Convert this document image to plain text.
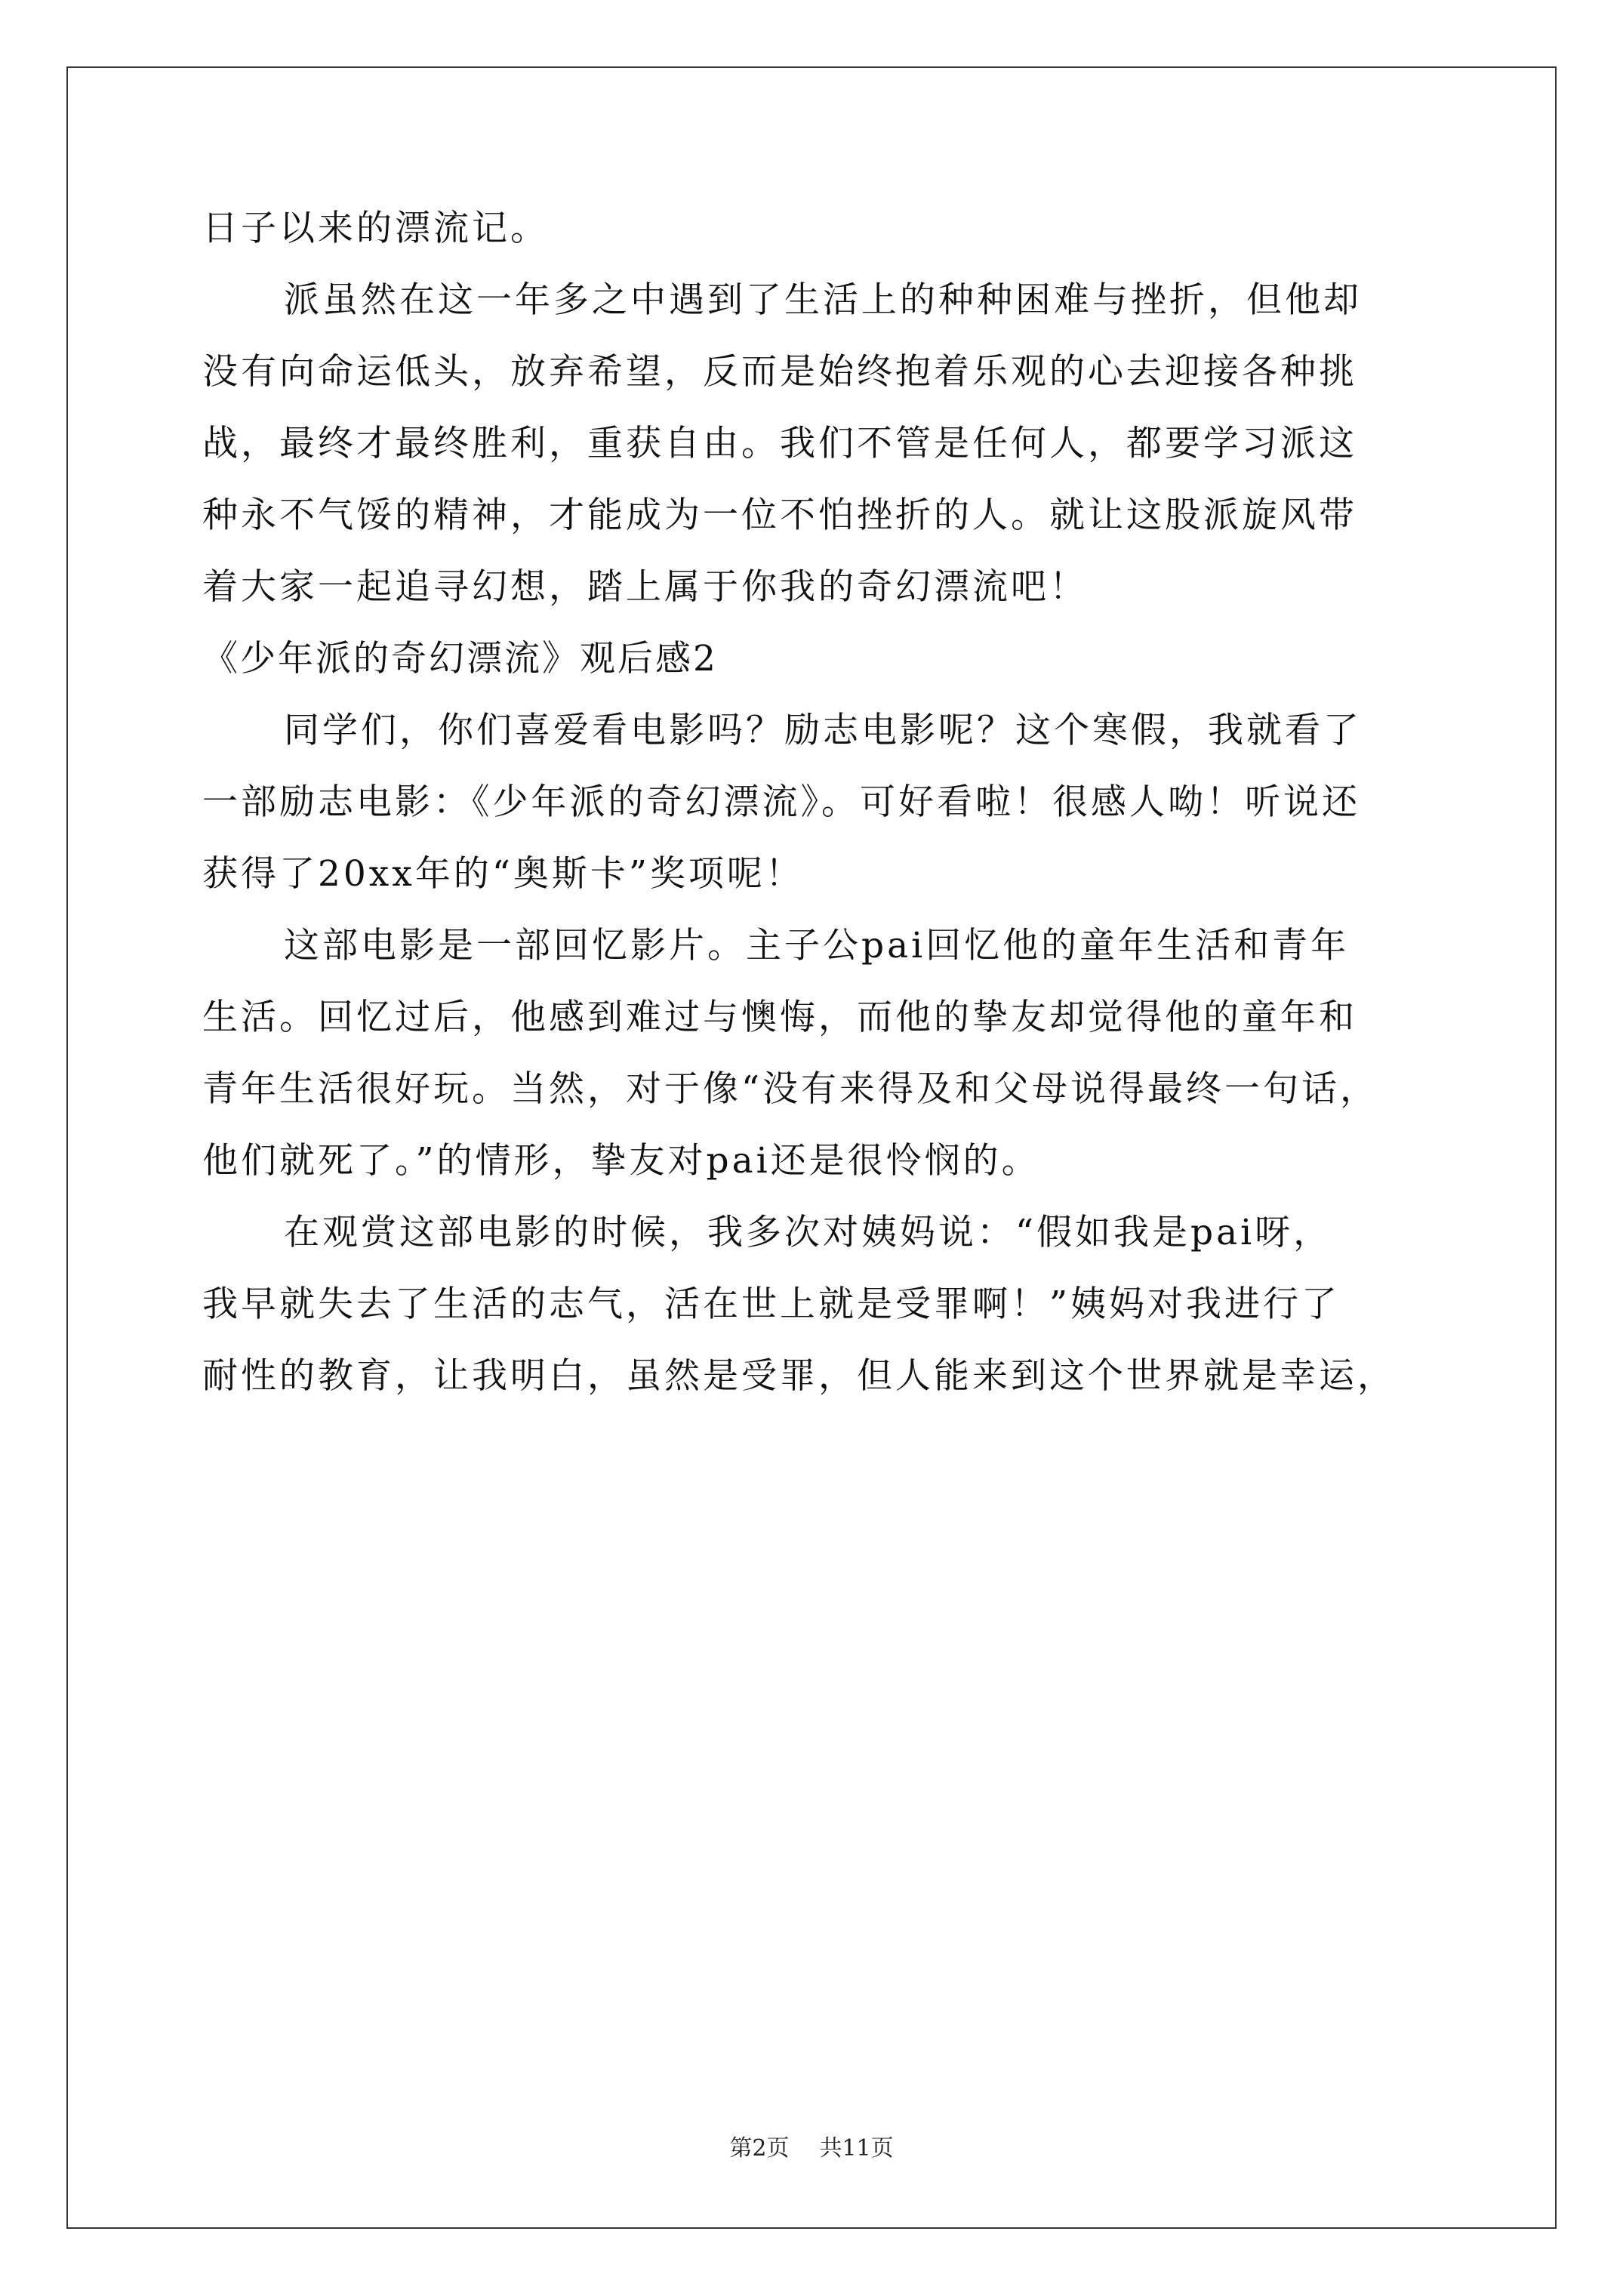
日子以来的漂流记。

派虽然在这一年多之中遇到了生活上的种种困难与挫折，但他却

没有向命运低头，放弃希望，反而是始终抱着乐观的心去迎接各种挑

战，最终才最终胜利，重获自由。我们不管是任何人，都要学习派这

种永不气馁的精神，才能成为一位不怕挫折的人。就让这股派旋风带

着大家一起追寻幻想，踏上属于你我的奇幻漂流吧！

《少年派的奇幻漂流》观后感2

同学们，你们喜爱看电影吗？励志电影呢？这个寒假，我就看了

一部励志电影：《少年派的奇幻漂流》。可好看啦！很感人呦！听说还

获得了20xx年的“奥斯卡”奖项呢！

这部电影是一部回忆影片。主子公pai回忆他的童年生活和青年

生活。回忆过后，他感到难过与懊悔，而他的挚友却觉得他的童年和

青年生活很好玩。当然，对于像“没有来得及和父母说得最终一句话，

他们就死了。”的情形，挚友对pai还是很怜悯的。

在观赏这部电影的时候，我多次对姨妈说：“假如我是pai呀，

我早就失去了生活的志气，活在世上就是受罪啊！”姨妈对我进行了

耐性的教育，让我明白，虽然是受罪，但人能来到这个世界就是幸运，

第2页 共11页
